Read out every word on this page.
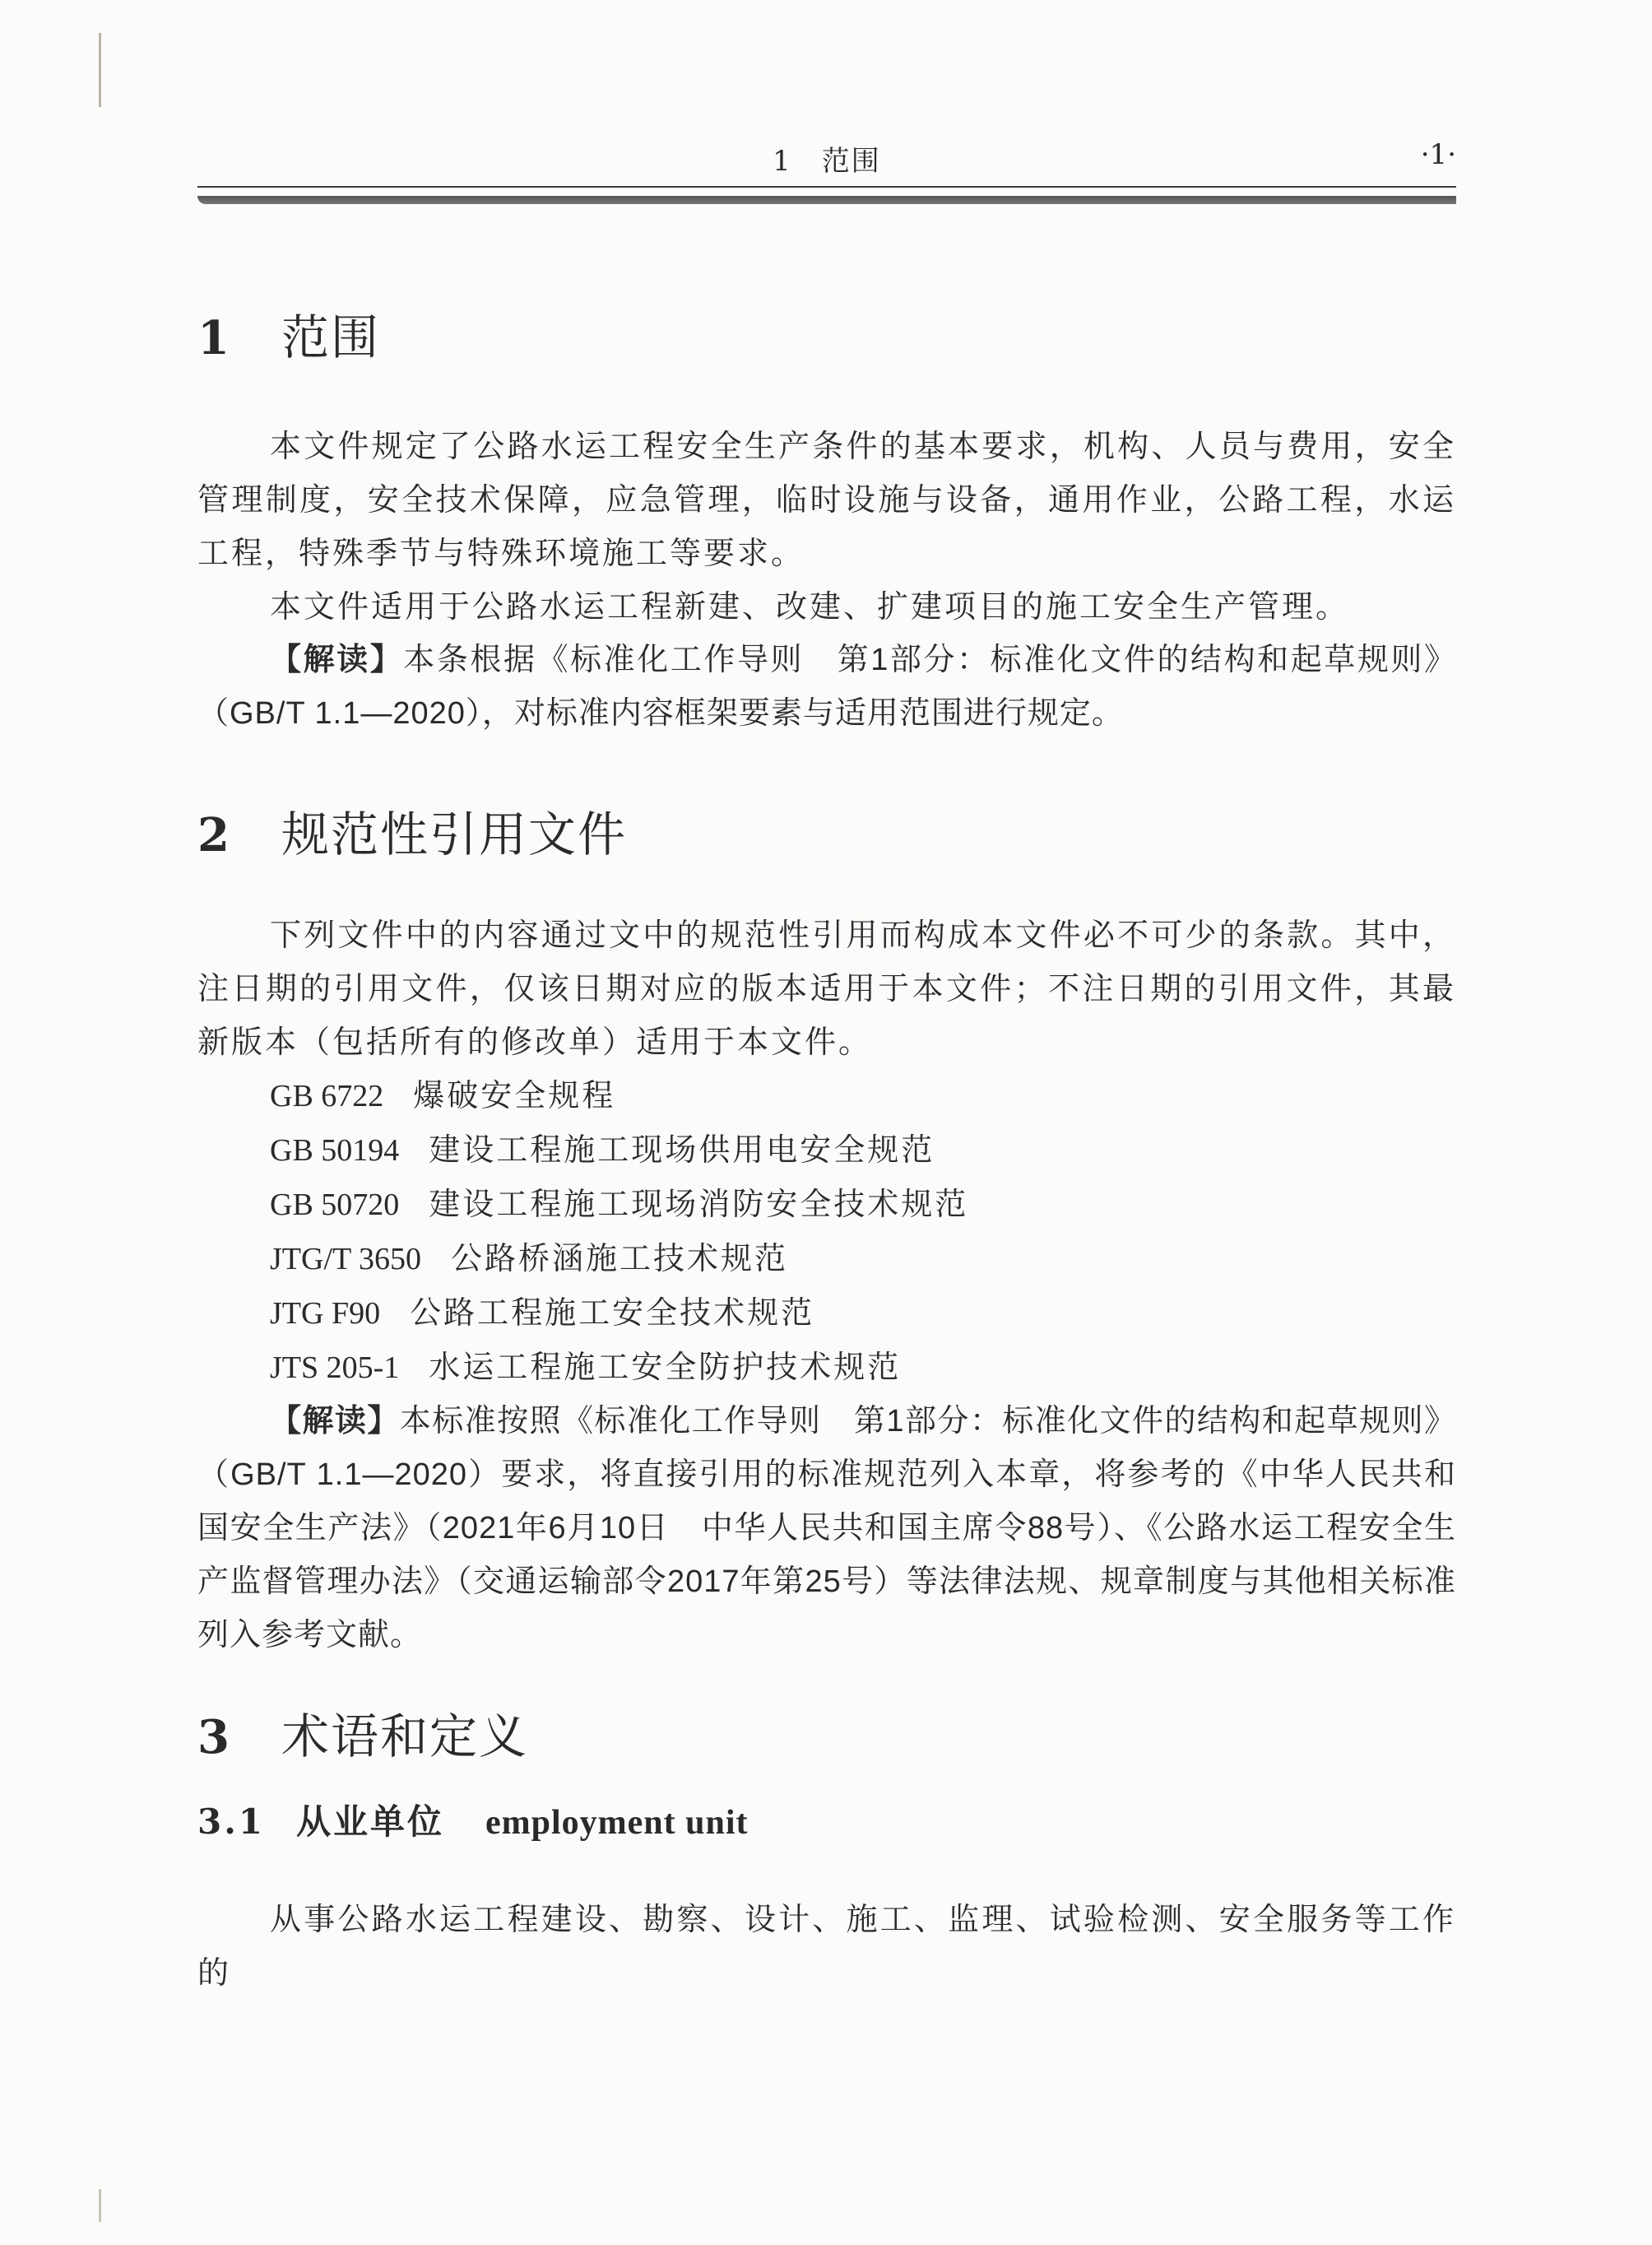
1　范围	·1·
1 范围

本文件规定了公路水运工程安全生产条件的基本要求，机构、人员与费用，安全管理制度，安全技术保障，应急管理，临时设施与设备，通用作业，公路工程，水运工程，特殊季节与特殊环境施工等要求。

本文件适用于公路水运工程新建、改建、扩建项目的施工安全生产管理。

【解读】本条根据《标准化工作导则　第1部分：标准化文件的结构和起草规则》（GB/T 1.1—2020），对标准内容框架要素与适用范围进行规定。

2 规范性引用文件

下列文件中的内容通过文中的规范性引用而构成本文件必不可少的条款。其中，注日期的引用文件，仅该日期对应的版本适用于本文件；不注日期的引用文件，其最新版本（包括所有的修改单）适用于本文件。

GB 6722 爆破安全规程

GB 50194 建设工程施工现场供用电安全规范

GB 50720 建设工程施工现场消防安全技术规范

JTG/T 3650 公路桥涵施工技术规范

JTG F90 公路工程施工安全技术规范

JTS 205-1 水运工程施工安全防护技术规范

【解读】本标准按照《标准化工作导则　第1部分：标准化文件的结构和起草规则》（GB/T 1.1—2020）要求，将直接引用的标准规范列入本章，将参考的《中华人民共和国安全生产法》（2021年6月10日　中华人民共和国主席令88号）、《公路水运工程安全生产监督管理办法》（交通运输部令2017年第25号）等法律法规、规章制度与其他相关标准列入参考文献。

3 术语和定义
3.1 从业单位 employment unit

从事公路水运工程建设、勘察、设计、施工、监理、试验检测、安全服务等工作的
